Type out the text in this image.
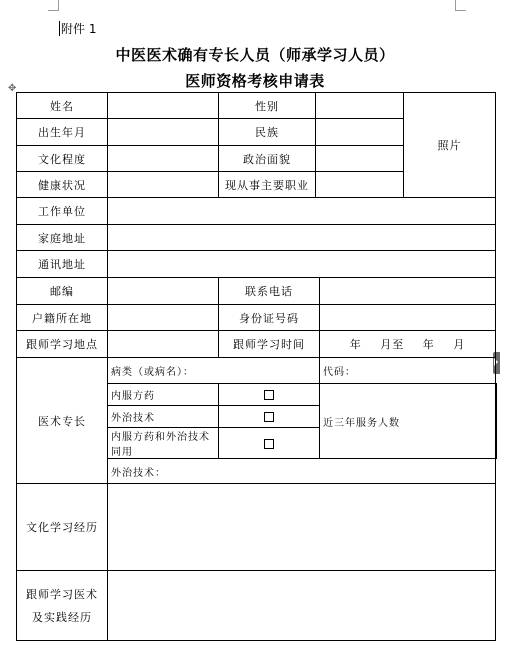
附件 1
中医医术确有专长人员（师承学习人员）
医师资格考核申请表
✥
姓名		性别			照片	
出生年月		民族				
文化程度		政治面貌				
健康状况		现从事主要职业				
工作单位						
家庭地址						
通讯地址						
邮编		联系电话				
户籍所在地		身份证号码				
跟师学习地点		跟师学习时间		年 月至 年 月		
医术专长	病类（或病名）：			代码：		
	内服方药			近三年服务人数		
	外治技术					
	内服方药和外治技术同用					
	外治技术：					
文化学习经历						
跟师学习医术
及实践经历						
